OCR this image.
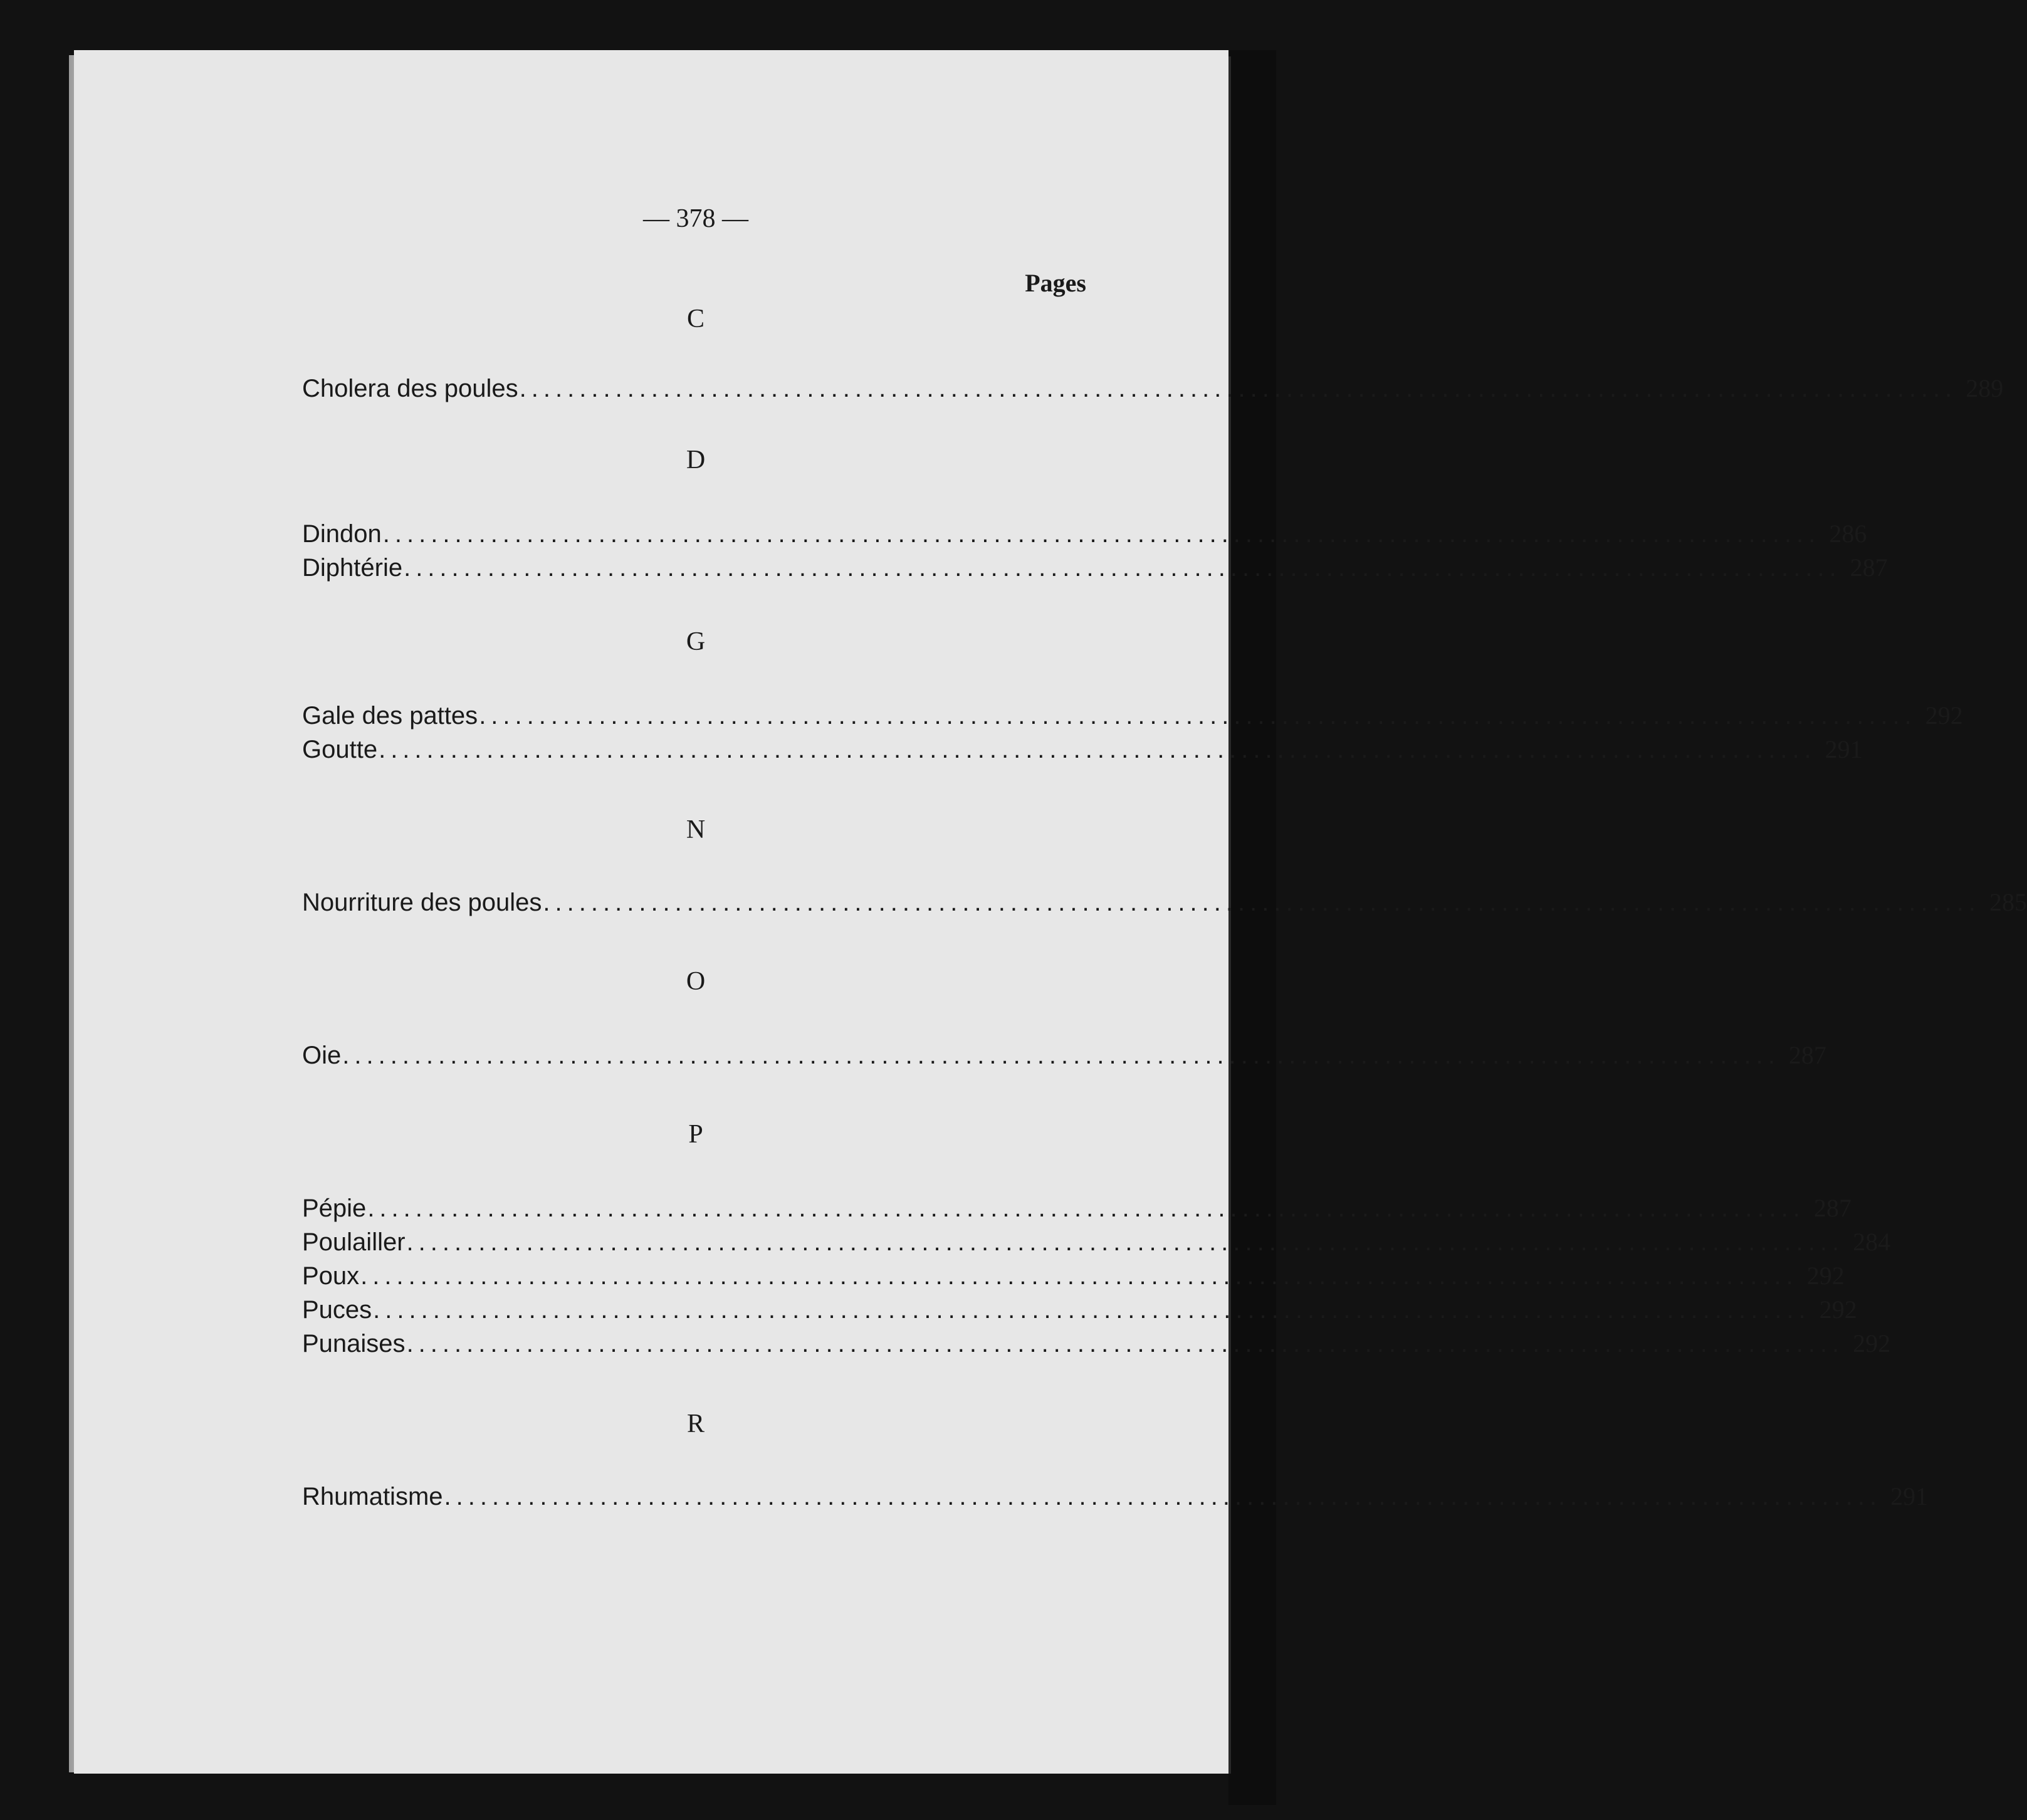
— 378 —
Pages
C
Cholera des poules ........................................................................................................................ 289
D
Dindon ........................................................................................................................ 286
Diphtérie ........................................................................................................................ 287
G
Gale des pattes ........................................................................................................................ 292
Goutte ........................................................................................................................ 291
N
Nourriture des poules ........................................................................................................................ 285
O
Oie ........................................................................................................................ 287
P
Pépie ........................................................................................................................ 287
Poulailler ........................................................................................................................ 284
Poux ........................................................................................................................ 292
Puces ........................................................................................................................ 292
Punaises ........................................................................................................................ 292
R
Rhumatisme ........................................................................................................................ 291
